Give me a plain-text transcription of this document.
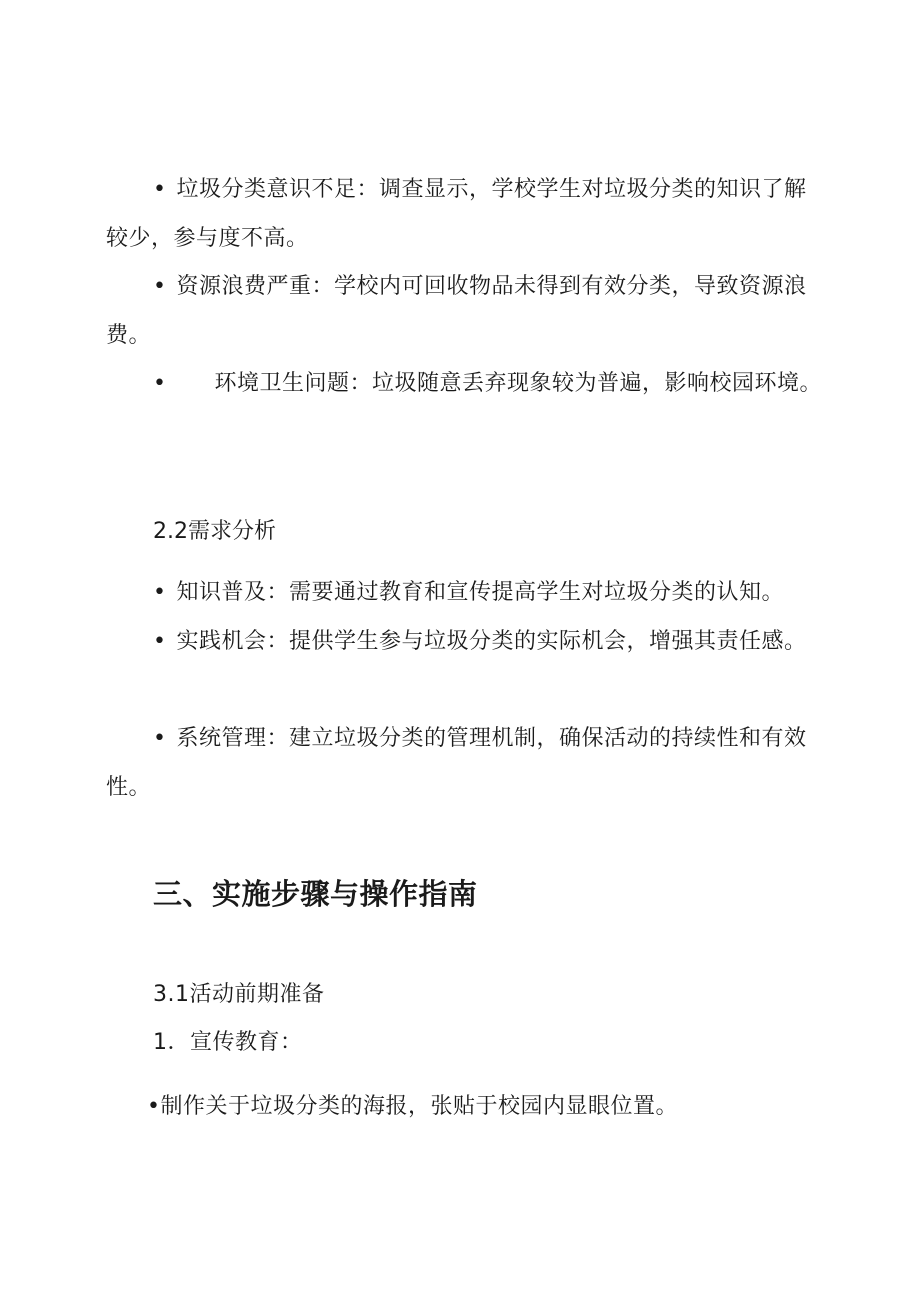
• 垃圾分类意识不足：调查显示，学校学生对垃圾分类的知识了解较少，参与度不高。
• 资源浪费严重：学校内可回收物品未得到有效分类，导致资源浪费。
• 环境卫生问题：垃圾随意丢弃现象较为普遍，影响校园环境。
2.2需求分析
• 知识普及：需要通过教育和宣传提高学生对垃圾分类的认知。
• 实践机会：提供学生参与垃圾分类的实际机会，增强其责任感。
• 系统管理：建立垃圾分类的管理机制，确保活动的持续性和有效性。
三、实施步骤与操作指南
3.1活动前期准备
1．宣传教育：
•制作关于垃圾分类的海报，张贴于校园内显眼位置。
